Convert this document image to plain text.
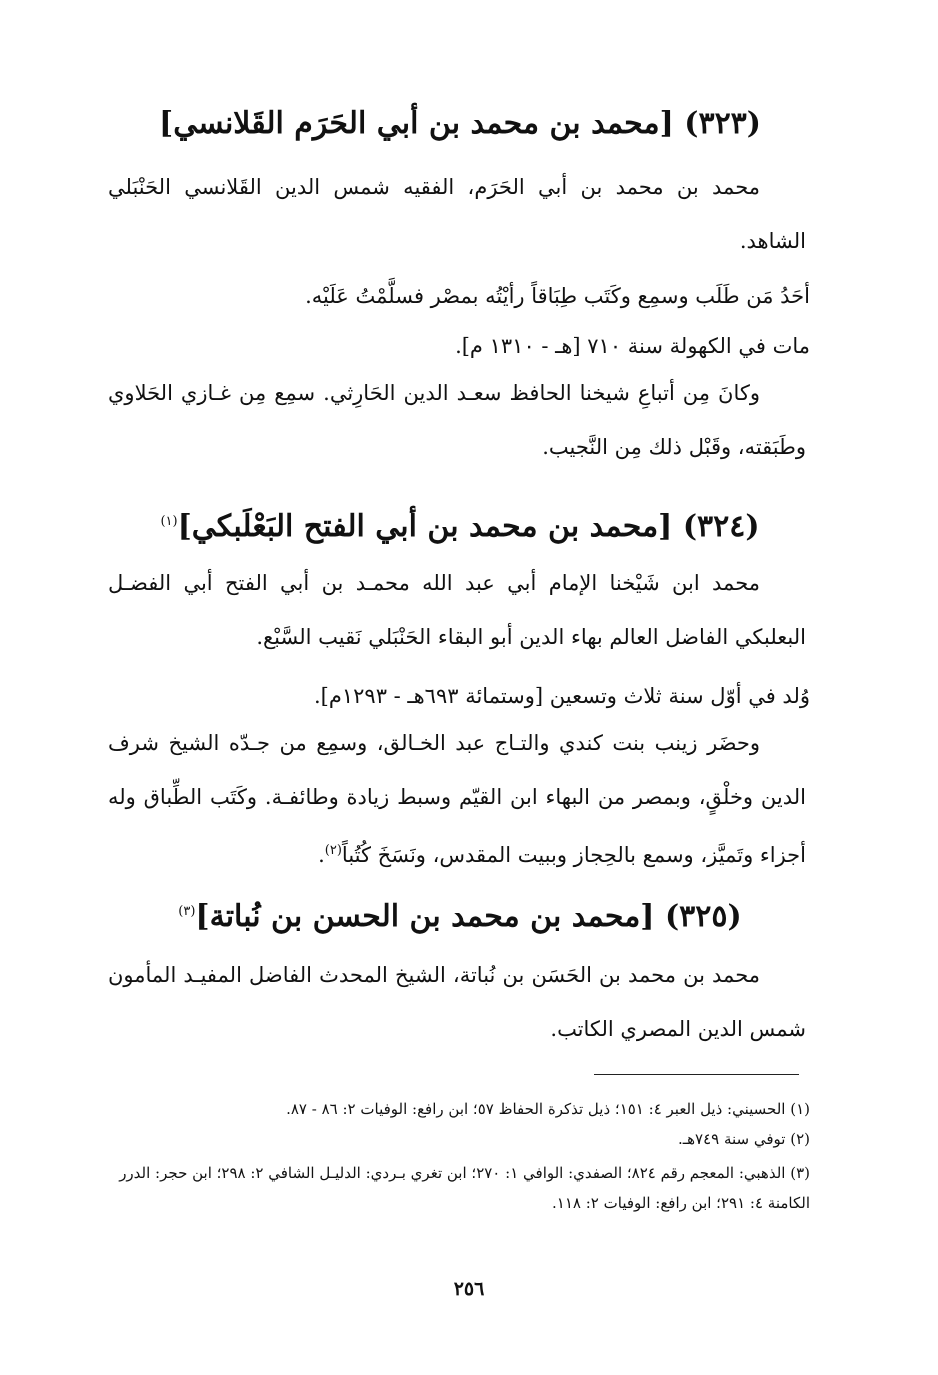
(٣٢٣) [محمد بن محمد بن أبي الحَرَم القَلانسي]
محمد بن محمد بن أبي الحَرَم، الفقيه شمس الدين القَلانسي الحَنْبَلي الشاهد.
أحَدُ مَن طَلَب وسمِع وكَتَب طِبَاقاً رأيْتُه بمصْر فسلَّمْتُ عَلَيْه.
مات في الكهولة سنة ٧١٠ [هـ - ١٣١٠ م].
وكانَ مِن أتباعِ شيخنا الحافظ سعـد الدين الحَارِثي. سمِع مِن غـازي الحَلاوي وطَبَقته، وقَبْل ذلك مِن النَّجيب.
(٣٢٤) [محمد بن محمد بن أبي الفتح البَعْلَبكي]$^{(١)}$
محمد ابن شَيْخنا الإمام أبي عبد الله محمـد بن أبي الفتح أبي الفضـل البعلبكي الفاضل العالم بهاء الدين أبو البقاء الحَنْبَلي نَقيب السَّبْع.
وُلد في أوّل سنة ثلاث وتسعين [وستمائة ٦٩٣هـ - ١٢٩٣م].
وحضَر زينب بنت كندي والتـاج عبد الخـالق، وسمِع من جـدّه الشيخ شرف الدين وخلْقٍ، وبمصر من البهاء ابن القيّم وسبط زيادة وطائفـة. وكَتَب الطِّباق وله أجزاء وتَميَّز، وسمع بالحِجاز وببيت المقدس، ونَسَخَ كُتُباً$^{(٢)}$.
(٣٢٥) [محمد بن محمد بن الحسن بن نُباتة]$^{(٣)}$
محمد بن محمد بن الحَسَن بن نُباتة، الشيخ المحدث الفاضل المفيـد المأمون شمس الدين المصري الكاتب.
(١) الحسيني: ذيل العبر ٤: ١٥١؛ ذيل تذكرة الحفاظ ٥٧؛ ابن رافع: الوفيات ٢: ٨٦ - ٨٧.
(٢) توفي سنة ٧٤٩هـ.
(٣) الذهبي: المعجم رقم ٨٢٤؛ الصفدي: الوافي ١: ٢٧٠؛ ابن تغري بـردي: الدليـل الشافي ٢: ٢٩٨؛ ابن حجر: الدرر الكامنة ٤: ٢٩١؛ ابن رافع: الوفيات ٢: ١١٨.
٢٥٦
